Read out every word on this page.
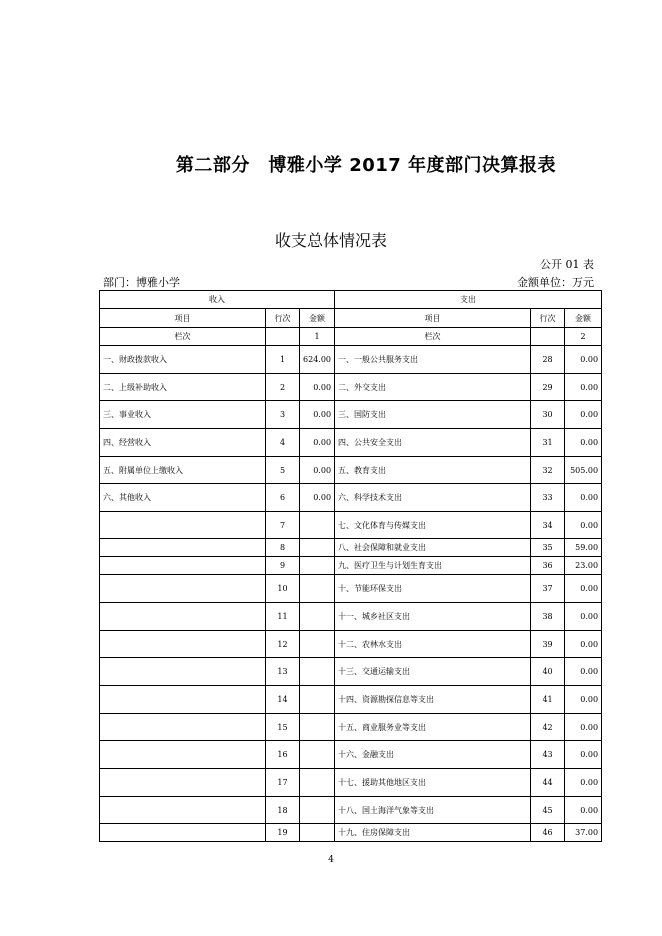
第二部分　博雅小学 2017 年度部门决算报表
收支总体情况表
公开 01 表
部门：博雅小学	金额单位：万元
收入			支出		
项目	行次	金额	项目	行次	金额
栏次		1	栏次		2
一、财政拨款收入	1	624.00	一、一般公共服务支出	28	0.00
二、上级补助收入	2	0.00	二、外交支出	29	0.00
三、事业收入	3	0.00	三、国防支出	30	0.00
四、经营收入	4	0.00	四、公共安全支出	31	0.00
五、附属单位上缴收入	5	0.00	五、教育支出	32	505.00
六、其他收入	6	0.00	六、科学技术支出	33	0.00
	7		七、文化体育与传媒支出	34	0.00
	8		八、社会保障和就业支出	35	59.00
	9		九、医疗卫生与计划生育支出	36	23.00
	10		十、节能环保支出	37	0.00
	11		十一、城乡社区支出	38	0.00
	12		十二、农林水支出	39	0.00
	13		十三、交通运输支出	40	0.00
	14		十四、资源勘探信息等支出	41	0.00
	15		十五、商业服务业等支出	42	0.00
	16		十六、金融支出	43	0.00
	17		十七、援助其他地区支出	44	0.00
	18		十八、国土海洋气象等支出	45	0.00
	19		十九、住房保障支出	46	37.00
4
